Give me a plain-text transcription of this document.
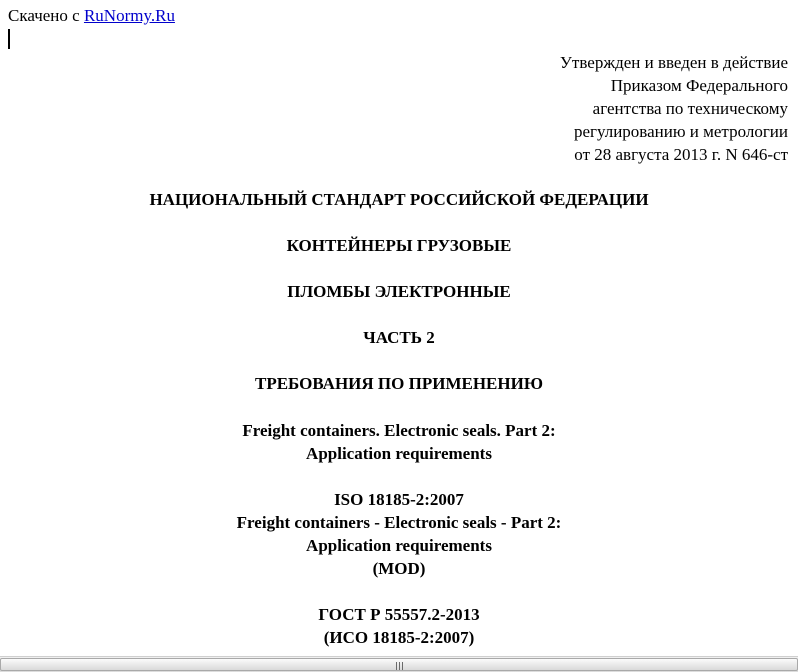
Скачено с RuNormy.Ru
Утвержден и введен в действие
Приказом Федерального
агентства по техническому
регулированию и метрологии
от 28 августа 2013 г. N 646-ст
НАЦИОНАЛЬНЫЙ СТАНДАРТ РОССИЙСКОЙ ФЕДЕРАЦИИ
КОНТЕЙНЕРЫ ГРУЗОВЫЕ
ПЛОМБЫ ЭЛЕКТРОННЫЕ
ЧАСТЬ 2
ТРЕБОВАНИЯ ПО ПРИМЕНЕНИЮ
Freight containers. Electronic seals. Part 2:
Application requirements
ISO 18185-2:2007
Freight containers - Electronic seals - Part 2:
Application requirements
(MOD)
ГОСТ Р 55557.2-2013
(ИСО 18185-2:2007)
